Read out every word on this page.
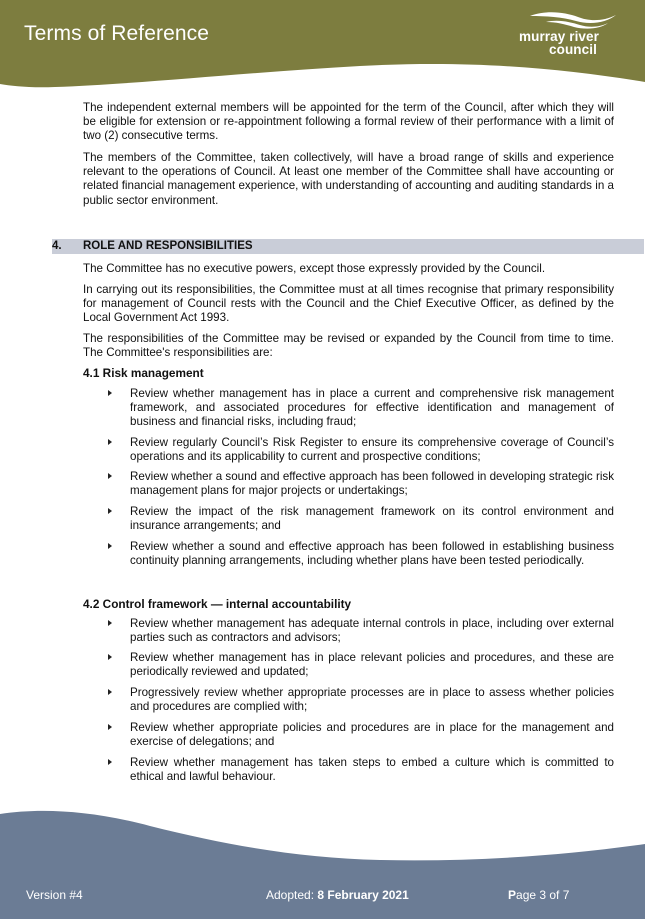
Terms of Reference	murray river
council
The independent external members will be appointed for the term of the Council, after which they will be eligible for extension or re-appointment following a formal review of their performance with a limit of two (2) consecutive terms.
The members of the Committee, taken collectively, will have a broad range of skills and experience relevant to the operations of Council. At least one member of the Committee shall have accounting or related financial management experience, with understanding of accounting and auditing standards in a public sector environment.
4. ROLE AND RESPONSIBILITIES
The Committee has no executive powers, except those expressly provided by the Council.
In carrying out its responsibilities, the Committee must at all times recognise that primary responsibility for management of Council rests with the Council and the Chief Executive Officer, as defined by the Local Government Act 1993.
The responsibilities of the Committee may be revised or expanded by the Council from time to time. The Committee's responsibilities are:
4.1 Risk management
Review whether management has in place a current and comprehensive risk management framework, and associated procedures for effective identification and management of business and financial risks, including fraud;
Review regularly Council’s Risk Register to ensure its comprehensive coverage of Council’s operations and its applicability to current and prospective conditions;
Review whether a sound and effective approach has been followed in developing strategic risk management plans for major projects or undertakings;
Review the impact of the risk management framework on its control environment and insurance arrangements; and
Review whether a sound and effective approach has been followed in establishing business continuity planning arrangements, including whether plans have been tested periodically.
4.2 Control framework — internal accountability
Review whether management has adequate internal controls in place, including over external parties such as contractors and advisors;
Review whether management has in place relevant policies and procedures, and these are periodically reviewed and updated;
Progressively review whether appropriate processes are in place to assess whether policies and procedures are complied with;
Review whether appropriate policies and procedures are in place for the management and exercise of delegations; and
Review whether management has taken steps to embed a culture which is committed to ethical and lawful behaviour.
Version #4	Adopted: 8 February 2021	Page 3 of 7
